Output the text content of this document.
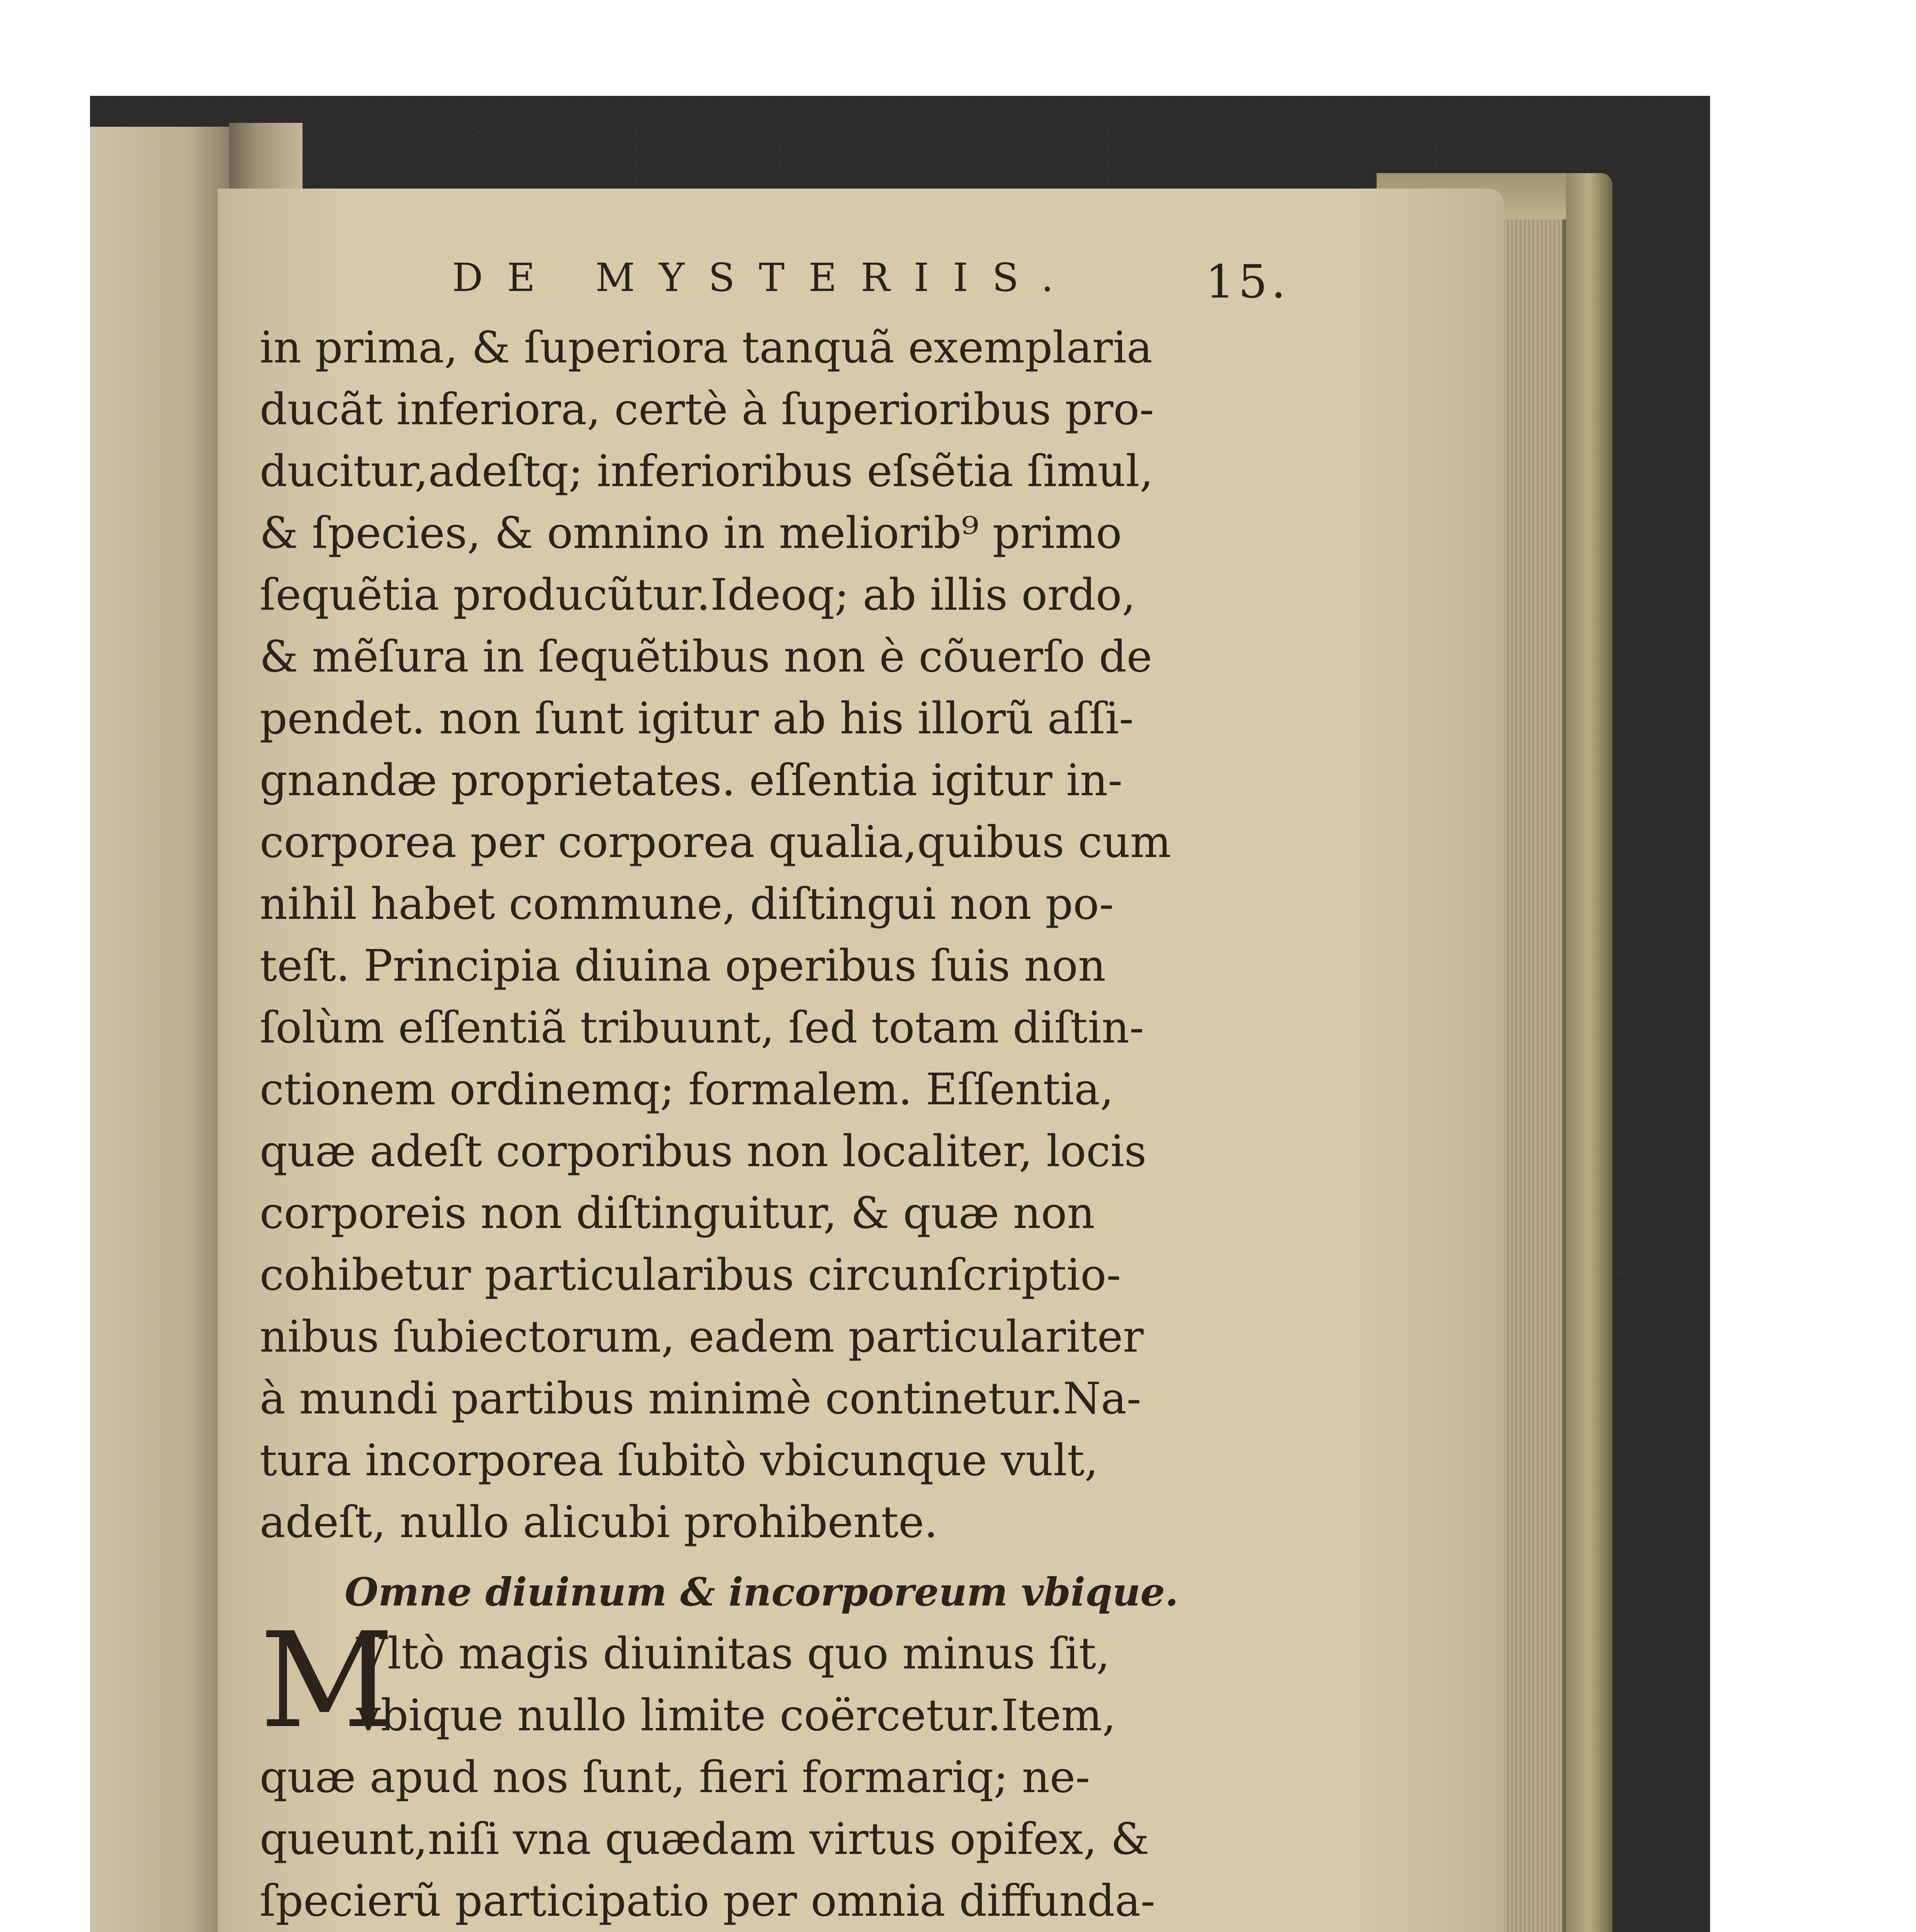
DE MYSTERIIS.	15.
in prima, & ſuperiora tanquã exemplaria
ducãt inferiora, certè à ſuperioribus pro-
ducitur,adeſtq; inferioribus eſsẽtia ſimul,
& ſpecies, & omnino in meliorib⁹ primo
ſequẽtia producũtur.Ideoq; ab illis ordo,
& mẽſura in ſequẽtibus non è cõuerſo de
pendet. non ſunt igitur ab his illorũ aſſi-
gnandæ proprietates. eſſentia igitur in-
corporea per corporea qualia,quibus cum
nihil habet commune, diſtingui non po-
teſt. Principia diuina operibus ſuis non
ſolùm eſſentiã tribuunt, ſed totam diſtin-
ctionem ordinemq; formalem. Eſſentia,
quæ adeſt corporibus non localiter, locis
corporeis non diſtinguitur, & quæ non
cohibetur particularibus circunſcriptio-
nibus ſubiectorum, eadem particulariter
à mundi partibus minimè continetur.Na-
tura incorporea ſubitò vbicunque vult,
adeſt, nullo alicubi prohibente.
Omne diuinum & incorporeum vbique.
M
Vltò magis diuinitas quo minus ſit,
vbique nullo limite coërcetur.Item,
quæ apud nos ſunt, fieri formariq; ne-
queunt,niſi vna quædam virtus opifex, &
ſpecierũ participatio per omnia diffunda-
